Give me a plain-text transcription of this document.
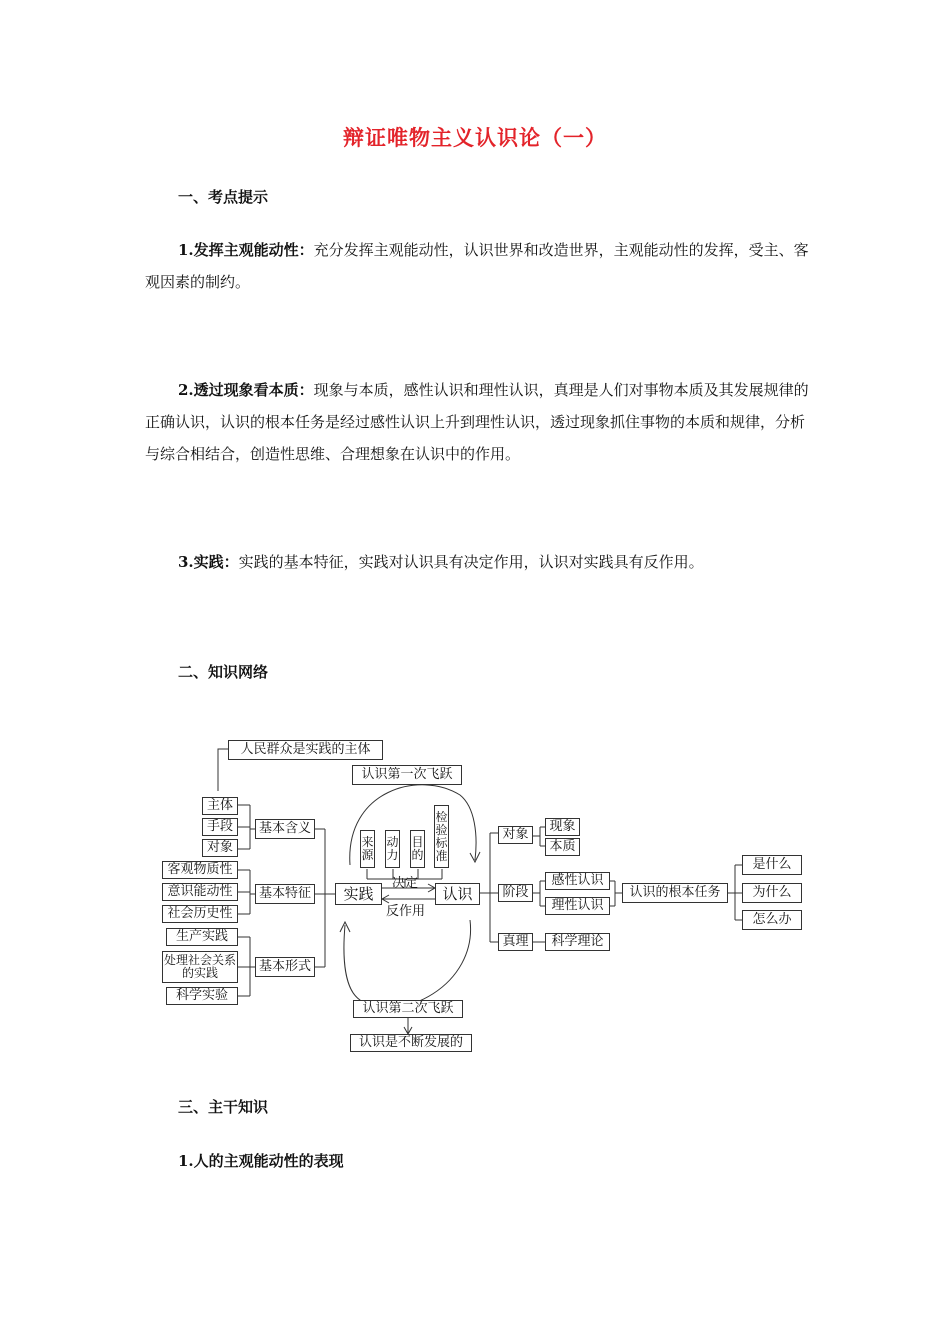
辩证唯物主义认识论（一）
一、考点提示
1.发挥主观能动性：充分发挥主观能动性，认识世界和改造世界，主观能动性的发挥，受主、客观因素的制约。
2.透过现象看本质：现象与本质，感性认识和理性认识，真理是人们对事物本质及其发展规律的正确认识，认识的根本任务是经过感性认识上升到理性认识，透过现象抓住事物的本质和规律，分析与综合相结合，创造性思维、合理想象在认识中的作用。
3.实践：实践的基本特征，实践对认识具有决定作用，认识对实践具有反作用。
二、知识网络
人民群众是实践的主体
认识第一次飞跃
主体
手段
对象
基本含义
客观物质性
意识能动性
社会历史性
基本特征
生产实践
处理社会关系的实践
科学实验
基本形式
实践
来源
动力
目的
检验标准
决定
反作用
认识
对象
现象
本质
阶段
感性认识
理性认识
认识的根本任务
是什么
为什么
怎么办
真理	科学理论
认识第二次飞跃
认识是不断发展的
三、主干知识
1.人的主观能动性的表现
